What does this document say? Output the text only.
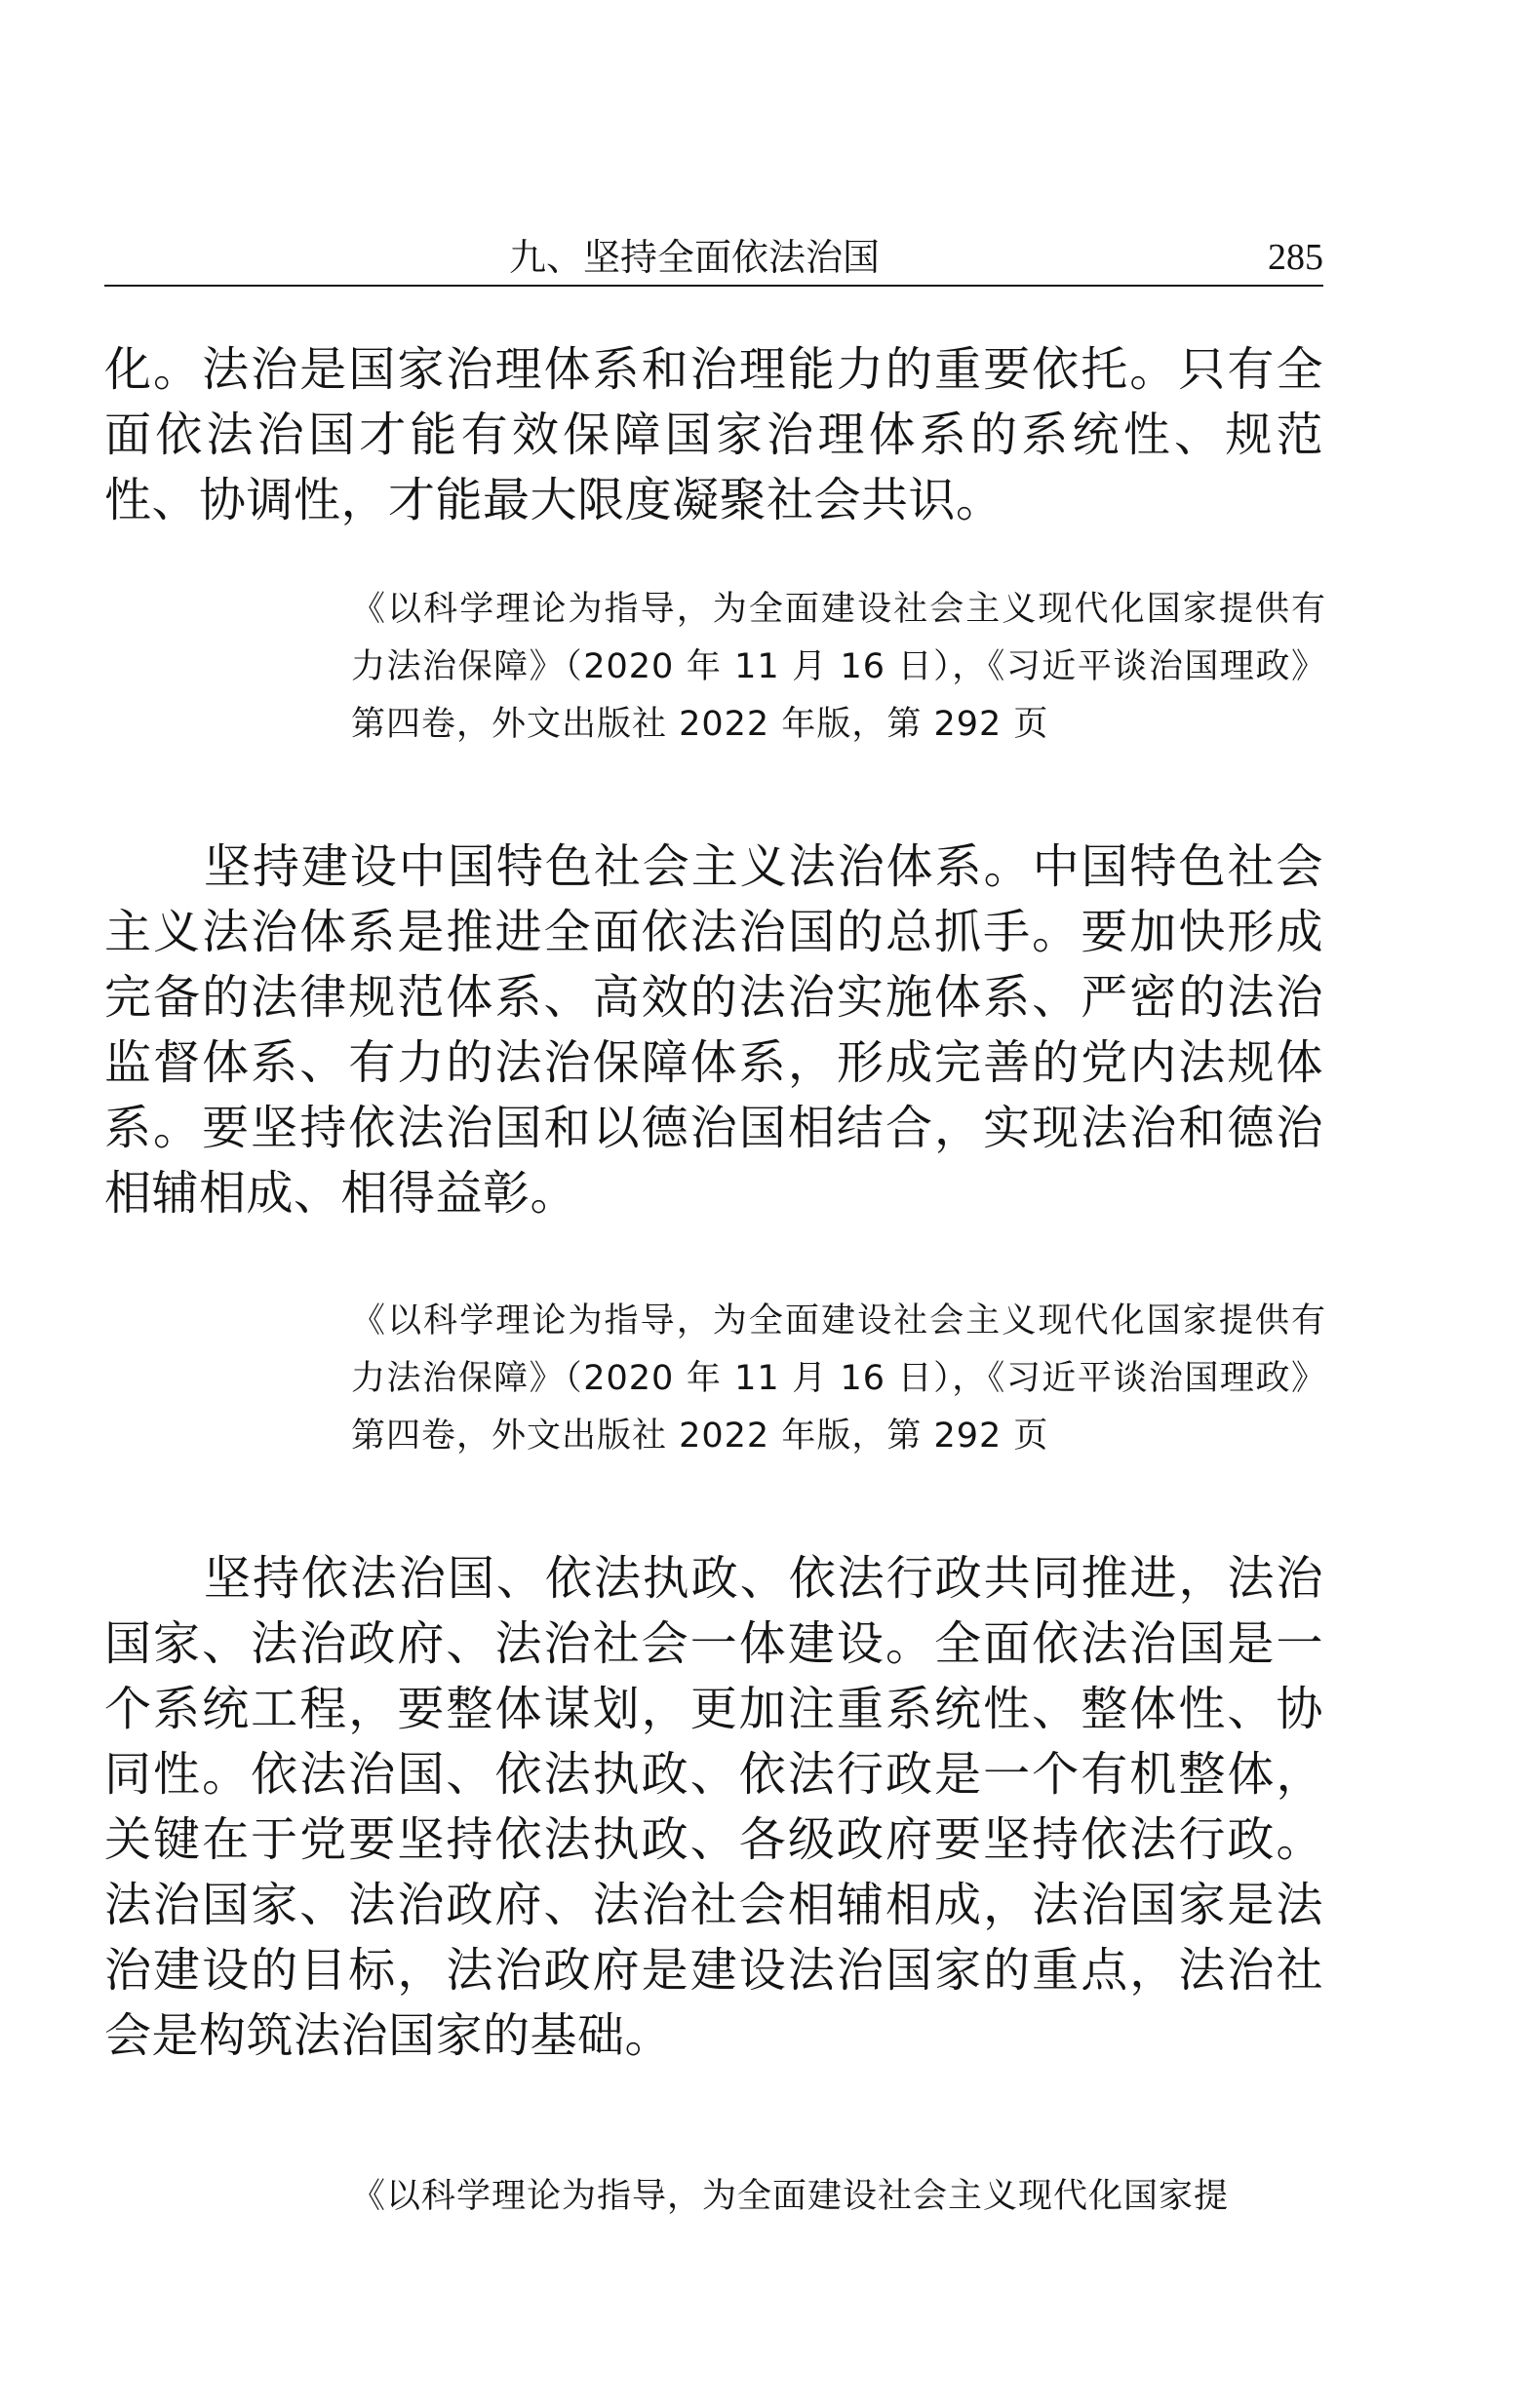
九、坚持全面依法治国	285

化。法治是国家治理体系和治理能力的重要依托。只有全面依法治国才能有效保障国家治理体系的系统性、规范性、协调性，才能最大限度凝聚社会共识。

《以科学理论为指导，为全面建设社会主义现代化国家提供有力法治保障》（2020 年 11 月 16 日），《习近平谈治国理政》第四卷，外文出版社 2022 年版，第 292 页

坚持建设中国特色社会主义法治体系。中国特色社会主义法治体系是推进全面依法治国的总抓手。要加快形成完备的法律规范体系、高效的法治实施体系、严密的法治监督体系、有力的法治保障体系，形成完善的党内法规体系。要坚持依法治国和以德治国相结合，实现法治和德治相辅相成、相得益彰。

《以科学理论为指导，为全面建设社会主义现代化国家提供有力法治保障》（2020 年 11 月 16 日），《习近平谈治国理政》第四卷，外文出版社 2022 年版，第 292 页

坚持依法治国、依法执政、依法行政共同推进，法治国家、法治政府、法治社会一体建设。全面依法治国是一个系统工程，要整体谋划，更加注重系统性、整体性、协同性。依法治国、依法执政、依法行政是一个有机整体，关键在于党要坚持依法执政、各级政府要坚持依法行政。法治国家、法治政府、法治社会相辅相成，法治国家是法治建设的目标，法治政府是建设法治国家的重点，法治社会是构筑法治国家的基础。

《以科学理论为指导，为全面建设社会主义现代化国家提
